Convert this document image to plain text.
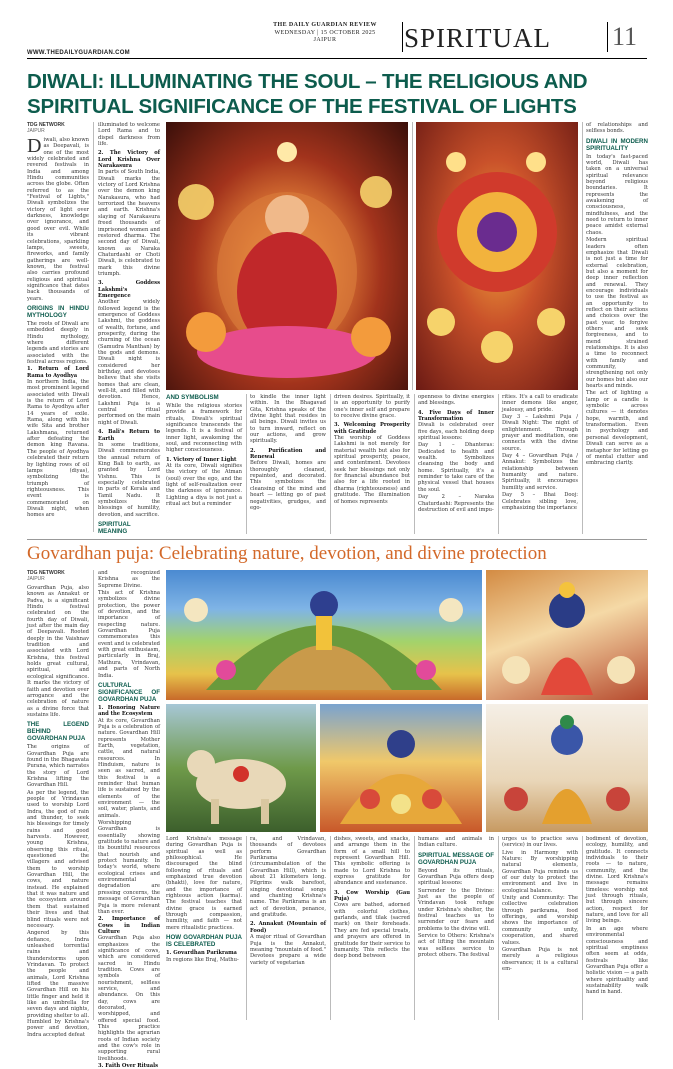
THE DAILY GUARDIAN REVIEW
WEDNESDAY | 15 OCTOBER 2025
JAIPUR	SPIRITUAL	11
WWW.THEDAILYGUARDIAN.COM
DIWALI: ILLUMINATING THE SOUL – THE RELIGIOUS AND SPIRITUAL SIGNIFICANCE OF THE FESTIVAL OF LIGHTS
TDG NETWORK
JAIPUR

Diwali, also known as Deepavali, is one of the most widely celebrated and revered festivals in India and among Hindu communities across the globe. Often referred to as the "Festival of Lights," Diwali symbolizes the victory of light over darkness, knowledge over ignorance, and good over evil. While its vibrant celebrations, sparkling lamps, sweets, fireworks, and family gatherings are well-known, the festival also carries profound religious and spiritual significance that dates back thousands of years.

ORIGINS IN HINDU MYTHOLOGY

The roots of Diwali are embedded deeply in Hindu mythology, where different legends and stories are associated with the festival across regions.

1. Return of Lord Rama to Ayodhya
In northern India, the most prominent legend associated with Diwali is the return of Lord Rama to Ayodhya after 14 years of exile. Rama, along with his wife Sita and brother Lakshmana, returned after defeating the demon king Ravana. The people of Ayodhya celebrated their return by lighting rows of oil lamps (diyas), symbolizing the triumph of righteousness. This event is commemorated on Diwali night, when homes are

illuminated to welcome Lord Rama and to dispel darkness from life.

2. The Victory of Lord Krishna Over Narakasura
In parts of South India, Diwali marks the victory of Lord Krishna over the demon king Narakasura, who had terrorized the heavens and earth. Krishna's slaying of Narakasura freed thousands of imprisoned women and restored dharma. The second day of Diwali, known as Naraka Chaturdashi or Choti Diwali, is celebrated to mark this divine triumph.

3. Goddess Lakshmi's Emergence
Another widely followed legend is the emergence of Goddess Lakshmi, the goddess of wealth, fortune, and prosperity, during the churning of the ocean (Samudra Manthan) by the gods and demons. Diwali night is considered her birthday, and devotees believe that she visits homes that are clean, well-lit, and filled with devotion. Hence, Lakshmi Puja is a central ritual performed on the main night of Diwali.

4. Bali's Return to Earth
In some traditions, Diwali commemorates the annual return of King Bali to earth, as granted by Lord Vishnu. This is especially celebrated in parts of Kerala and Tamil Nadu. It symbolizes the blessings of humility, devotion, and sacrifice.

SPIRITUAL MEANING
AND SYMBOLISM

While the religious stories provide a framework for rituals, Diwali's spiritual significance transcends the legends. It is a festival of inner light, awakening the soul, and reconnecting with higher consciousness.

1. Victory of Inner Light
At its core, Diwali signifies the victory of the Atman (soul) over the ego, and the light of self-realization over the darkness of ignorance. Lighting a diya is not just a ritual act but a reminder

to kindle the inner light within. In the Bhagavad Gita, Krishna speaks of the divine light that resides in all beings. Diwali invites us to turn inward, reflect on our actions, and grow spiritually.

2. Purification and Renewal
Before Diwali, homes are thoroughly cleaned, repainted, and decorated. This symbolizes the cleansing of the mind and heart — letting go of past negativities, grudges, and ego-

driven desires. Spiritually, it is an opportunity to purify one's inner self and prepare to receive divine grace.

3. Welcoming Prosperity with Gratitude
The worship of Goddess Lakshmi is not merely for material wealth but also for spiritual prosperity, peace, and contentment. Devotees seek her blessings not only for financial abundance but also for a life rooted in dharma (righteousness) and gratitude. The illumination of homes represents

openness to divine energies and blessings.

4. Five Days of Inner Transformation
Diwali is celebrated over five days, each holding deep spiritual lessons:

Day 1 – Dhanteras: Dedicated to health and wealth. Symbolizes cleansing the body and home. Spiritually, it's a reminder to take care of the physical vessel that houses the soul.

Day 2 – Naraka Chaturdashi: Represents the destruction of evil and impu-

rities. It's a call to eradicate inner demons like anger, jealousy, and pride.

Day 3 – Lakshmi Puja / Diwali Night: The night of enlightenment. Through prayer and meditation, one connects with the divine source.

Day 4 – Govardhan Puja / Annakut: Symbolizes the relationship between humanity and nature. Spiritually, it encourages humility and service.

Day 5 – Bhai Dooj: Celebrates sibling love, emphasizing the importance

of relationships and selfless bonds.

DIWALI IN MODERN SPIRITUALITY

In today's fast-paced world, Diwali has taken on a universal spiritual relevance beyond religious boundaries. It represents the awakening of consciousness, mindfulness, and the need to return to inner peace amidst external chaos.

Modern spiritual leaders often emphasize that Diwali is not just a time for external celebration, but also a moment for deep inner reflection and renewal. They encourage individuals to use the festival as an opportunity to reflect on their actions and choices over the past year, to forgive others and seek forgiveness, and to mend strained relationships. It is also a time to reconnect with family and community, strengthening not only our homes but also our hearts and minds.

The act of lighting a lamp or a candle is symbolic across cultures — it denotes hope, warmth, and transformation. Even in psychology and personal development, Diwali can serve as a metaphor for letting go of mental clutter and embracing clarity.

Govardhan puja: Celebrating nature, devotion, and divine protection
TDG NETWORK
JAIPUR

Govardhan Puja, also known as Annakut or Padva, is a significant Hindu festival celebrated on the fourth day of Diwali, just after the main day of Deepavali. Rooted deeply in the Vaishnav tradition and associated with Lord Krishna, this festival holds great cultural, spiritual, and ecological significance. It marks the victory of faith and devotion over arrogance and the celebration of nature as a divine force that sustains life.

THE LEGEND BEHIND GOVARDHAN PUJA

The origins of Govardhan Puja are found in the Bhagavata Purana, which narrates the story of Lord Krishna lifting the Govardhan Hill.

As per the legend, the people of Vrindavan used to worship Lord Indra, the god of rain and thunder, to seek his blessings for timely rains and good harvests. However, young Krishna, observing this ritual, questioned the villagers and advised them to worship Govardhan Hill, the cows, and nature instead. He explained that it was nature and the ecosystem around them that sustained their lives and that blind rituals were not necessary.

Angered by this defiance, Indra unleashed torrential rains and thunderstorms upon Vrindavan. To protect the people and animals, Lord Krishna lifted the massive Govardhan Hill on his little finger and held it like an umbrella for seven days and nights, providing shelter to all. Humbled by Krishna's power and devotion, Indra accepted defeat

and recognized Krishna as the Supreme Divine.

This act of Krishna symbolizes divine protection, the power of devotion, and the importance of respecting nature. Govardhan Puja commemorates this event and is celebrated with great enthusiasm, particularly in Braj, Mathura, Vrindavan, and parts of North India.

CULTURAL SIGNIFICANCE OF GOVARDHAN PUJA

1. Honoring Nature and the Ecosystem
At its core, Govardhan Puja is a celebration of nature. Govardhan Hill represents Mother Earth, vegetation, cattle, and natural resources. In Hinduism, nature is seen as sacred, and this festival is a reminder that human life is sustained by the elements of the environment — the soil, water, plants, and animals.

Worshipping Govardhan is essentially showing gratitude to nature and its bountiful resources that nourish and protect humanity. In today's world, where ecological crises and environmental degradation are pressing concerns, the message of Govardhan Puja is more relevant than ever.

2. Importance of Cows in Indian Culture
Govardhan Puja also emphasizes the significance of cows, which are considered sacred in Hindu tradition. Cows are symbols of nourishment, selfless service, and abundance. On this day, cows are decorated, worshipped, and offered special food. This practice highlights the agrarian roots of Indian society and the cow's role in supporting rural livelihoods.

3. Faith Over Rituals

Lord Krishna's message during Govardhan Puja is spiritual as well as philosophical. He discouraged the blind following of rituals and emphasized true devotion (bhakti), love for nature, and the importance of righteous action (karma). The festival teaches that divine grace is earned through compassion, humility, and faith — not mere ritualistic practices.

HOW GOVARDHAN PUJA IS CELEBRATED

1. Govardhan Parikrama
In regions like Braj, Mathu-

ra, and Vrindavan, thousands of devotees perform Govardhan Parikrama (circumambulation of the Govardhan Hill), which is about 21 kilometers long. Pilgrims walk barefoot, singing devotional songs and chanting Krishna's name. The Parikrama is an act of devotion, penance, and gratitude.

2. Annakut (Mountain of Food)
A major ritual of Govardhan Puja is the Annakut, meaning "mountain of food." Devotees prepare a wide variety of vegetarian

dishes, sweets, and snacks, and arrange them in the form of a small hill to represent Govardhan Hill. This symbolic offering is made to Lord Krishna to express gratitude for abundance and sustenance.

3. Cow Worship (Gau Puja)
Cows are bathed, adorned with colorful clothes, garlands, and tilak (sacred mark) on their foreheads. They are fed special treats, and prayers are offered in gratitude for their service to humanity. This reflects the deep bond between

humans and animals in Indian culture.

SPIRITUAL MESSAGE OF GOVARDHAN PUJA

Beyond its rituals, Govardhan Puja offers deep spiritual lessons:

Surrender to the Divine: Just as the people of Vrindavan took refuge under Krishna's shelter, the festival teaches us to surrender our fears and problems to the divine will.

Service to Others: Krishna's act of lifting the mountain was selfless service to protect others. The festival

urges us to practice seva (service) in our lives.

Live in Harmony with Nature: By worshipping natural elements, Govardhan Puja reminds us of our duty to protect the environment and live in ecological balance.

Unity and Community: The collective celebration through parikrama, food offerings, and worship shows the importance of community unity, cooperation, and shared values.

Govardhan Puja is not merely a religious observance; it is a cultural em-

bodiment of devotion, ecology, humility, and gratitude. It connects individuals to their roots — to nature, community, and the divine. Lord Krishna's message remains timeless: worship not just through rituals, but through sincere action, respect for nature, and love for all living beings.

In an age where environmental consciousness and spiritual emptiness often seem at odds, festivals like Govardhan Puja offer a holistic vision — a path where spirituality and sustainability walk hand in hand.
